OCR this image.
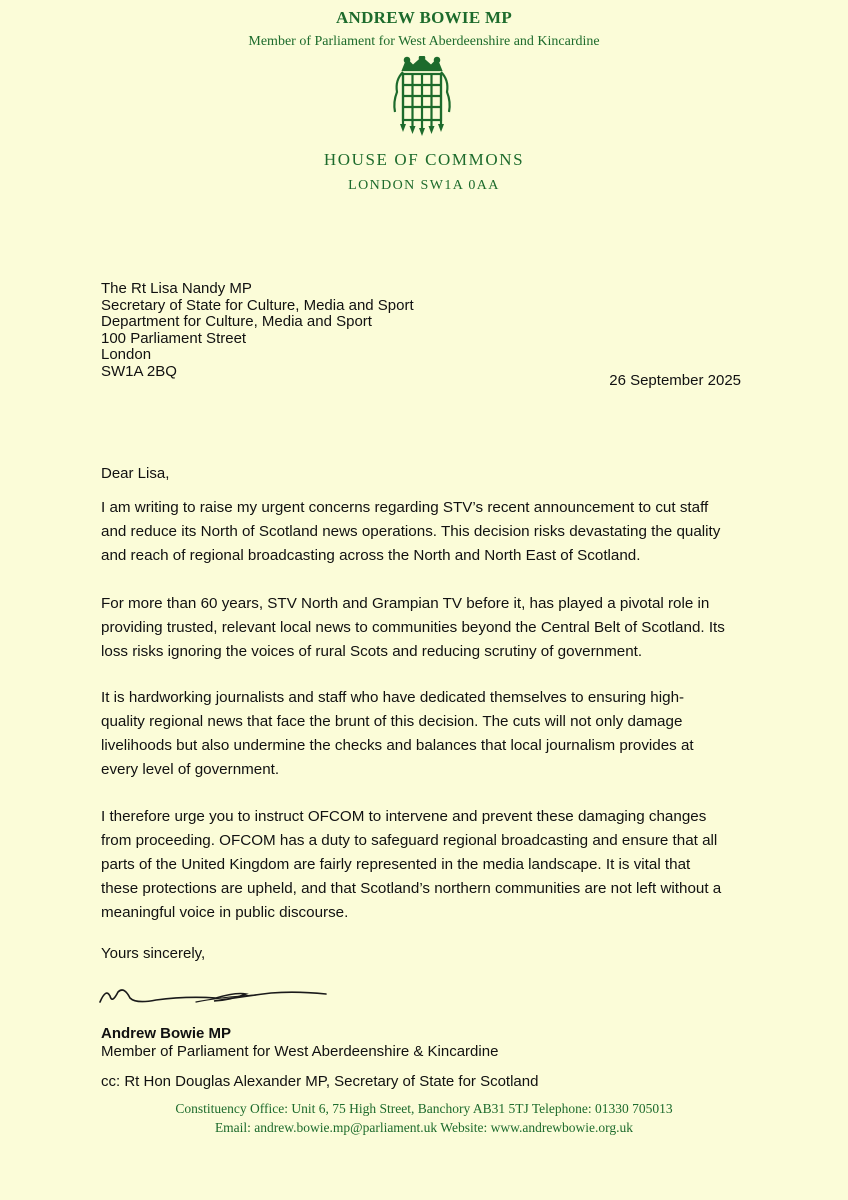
ANDREW BOWIE MP
Member of Parliament for West Aberdeenshire and Kincardine
HOUSE OF COMMONS
LONDON SW1A 0AA
The Rt Lisa Nandy MP
Secretary of State for Culture, Media and Sport
Department for Culture, Media and Sport
100 Parliament Street
London
SW1A 2BQ
26 September 2025
Dear Lisa,
I am writing to raise my urgent concerns regarding STV’s recent announcement to cut staff
and reduce its North of Scotland news operations. This decision risks devastating the quality
and reach of regional broadcasting across the North and North East of Scotland.
For more than 60 years, STV North and Grampian TV before it, has played a pivotal role in
providing trusted, relevant local news to communities beyond the Central Belt of Scotland. Its
loss risks ignoring the voices of rural Scots and reducing scrutiny of government.
It is hardworking journalists and staff who have dedicated themselves to ensuring high-
quality regional news that face the brunt of this decision. The cuts will not only damage
livelihoods but also undermine the checks and balances that local journalism provides at
every level of government.
I therefore urge you to instruct OFCOM to intervene and prevent these damaging changes
from proceeding. OFCOM has a duty to safeguard regional broadcasting and ensure that all
parts of the United Kingdom are fairly represented in the media landscape. It is vital that
these protections are upheld, and that Scotland’s northern communities are not left without a
meaningful voice in public discourse.
Yours sincerely,
Andrew Bowie MP
Member of Parliament for West Aberdeenshire & Kincardine
cc: Rt Hon Douglas Alexander MP, Secretary of State for Scotland
Constituency Office: Unit 6, 75 High Street, Banchory AB31 5TJ Telephone: 01330 705013
Email: andrew.bowie.mp@parliament.uk Website: www.andrewbowie.org.uk
